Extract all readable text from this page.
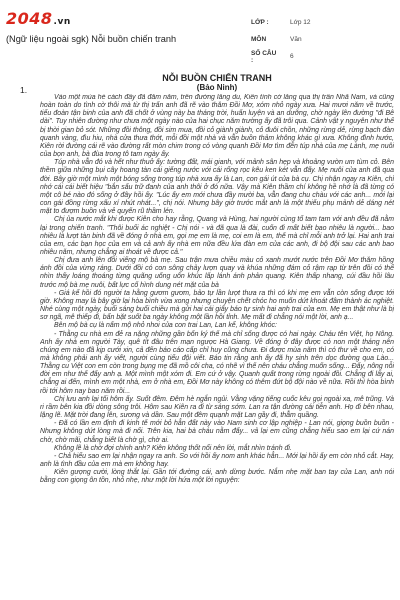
2048.vn
(Ngữ liệu ngoài sgk) Nỗi buồn chiến tranh
LỚP :	Lớp 12
MÔN	Văn
SỐ CÂU :	6
1.
NỖI BUỒN CHIẾN TRANH
(Bảo Ninh)

Vào một mùa hè cách đây đã đằm năm, trên đường lăng du, Kiên tình cờ lăng qua thị trấn Nhã Nam, và cũng hoàn toàn do tình cờ thôi mà từ thị trấn anh đã rẽ vào thăm Đồi Mơ, xóm nhỏ ngày xưa. Hai mươi năm về trước, tiểu đoàn tận binh của anh đã chốt ở vùng này ba tháng trời, huấn luyện và an dưỡng, chờ ngày lên đường "đi Bê dài". Tuy nhiên đường như chưa một ngày nào của hai chục năm trường ấy đã trôi qua. Cảnh vật y nguyên như thể bị thời gian bỏ sót. Những đồi thông, đồi sim mua, đồi cỏ giành giành, cỏ đuôi chồn, những rừng dẻ, rừng bạch đàn quanh vàng, đìu hiu, nhà cửa thưa thớt, mỗi đồi một nhà và vẫn buồn thảm không khác gì xưa. Không đình hước, Kiên rời đường cái rẽ vào đường rất mòn chim trong có vòng quanh Đồi Mơ tìm đến túp nhà của mẹ Lành, mẹ nuôi của bọn anh, bà đùa trong tô tam ngày ấy.

Túp nhà vẫn đó và hết như thuở ấy: tường đất, mái gianh, với mảnh sân hẹp và khoảng vườn um tùm cỏ. Bên thềm giữa những bụi cây hoang tàn cái giếng nước với cái rổng rọc kêu ken két vẫn đấy. Mẹ nuôi của anh đã qua đời. Bây giờ một mình một bóng sống trong túp nhà xưa ấy là Lan, con gái út của bà cụ. Chị nhận ngay ra Kiên, chỉ nhớ cái cái biết hiệu "bắn sấu trữ đanh của anh thôi ở đó nữa. Vậy mà Kiên thầm chí không hề nhớ là đã từng có một cô bé nào đó sống ở đây hồi ấy. "Lúc ấy em mới chưa đầy mười ba, vẫn đang chu chàu với các anh... mới lại con gái đồng rừng xấu xí nhút nhát...", chị nói. Nhưng bây giờ trước mắt anh là một thiếu phụ mảnh dẻ dáng nét mặt to đượm buồn và vẻ quyến rũ thầm lén.

Chị ủa nước mắt khi được Kiên cho hay rằng, Quang và Hùng, hai người cùng tổ tam tam với anh đều đã nằm lại trong chiến tranh. "Thôi buổi ác nghiệt - Chị nói - và đã qua là đài, cuốn đi mất biết bao nhiêu là người... bao nhiêu là lượt tàn binh đã về đóng ở nhà em, gọi mẹ em là mẹ, coi em là em, thế mà chỉ mỗi anh trở lại. Hai anh trai của em, các bạn học của em và cả anh ấy nhà em nữa đều lứa đàn em của các anh, đi bộ đội sau các anh bao nhiêu năm, nhưng chẳng ai thoát về được cả."

Chị đưa anh lên đồi viếng mộ bà mẹ. Sau trận mưa chiều màu cỏ xanh mướt nước trên Đồi Mơ thăm hồng ánh đồi của vừng ráng. Dưới đồi có con sông chảy lượn quay và khúa những đám cỏ rậm rạp từ trên đồi có thể nhìn thấy loáng thoáng từng quãng uống uốn khúc lấp lánh ánh phản quang. Kiên thấp nhang, cúi đầu hồi lâu trước mộ bà mẹ nuôi, bất lực cố hình dung nét mặt của bà

- Giá kể hồi đó người ta hằng gươm gươm, bảo tự lần lượt thưa ra thì có khi mẹ em vẫn còn sống được tới giờ. Không may là bây giờ lại hòa bình vừa xong nhưng chuyện chết chóc ho muốn dứt khoát đâm thành ác nghiệt. Nhé cùng một ngày, buổi sáng buổi chiều mà gửi hai cái giấy báo tự sinh hai anh trai của em. Mẹ em thật như là bị sơ ngã, mê thiếp đi, bẩn bặt suốt ba ngày không một lần hồi tỉnh. Mẹ mất đi chẳng nói một lời, anh ạ...

Bên mộ bà cụ là nấm mộ nhỏ nhoi của con trai Lan, Lan kể, không khóc:

- Thằng cu nhà em đẻ ra nặng những gần bốn ký thế mà chỉ sống được có hai ngày. Cháu tên Việt, họ Nông. Anh ấy nhà em người Tày, quê tít đâu trên mạn ngược Hà Giang. Về đóng ở đây được có non một tháng nên chúng em nào đã kịp cưới xin, cả đến báo cáo cấp chỉ huy cũng chưa. Đi được mùa năm thì có thư về cho em, có mà không phải anh ấy viết, người cùng tiểu đội viết. Báo tin rằng anh ấy đã hy sinh trên dọc đường qua Lào... Thằng cu Việt con em còn trong bụng mẹ đã mồ côi cha, có nhẽ vì thế nên cháu chẳng muốn sống... Đấy, nông nỗi đời em như thế đấy anh ạ. Một mình một xóm đi. Em cứ ở vậy. Quanh quất trong rừng ngoài đồi. Chẳng đi lấy ai, chẳng ai đến, mình em một nhà, em ở nhà em, Đồi Mơ này không có thêm đứt bộ đội nào về nữa. Rồi thì hòa bình rồi tới hôm nay bao năm rồi...

Chị lưu anh lại tối hôm ấy. Suốt đêm. Đêm hè ngắn ngủi. Vằng vặng tiếng cuốc kêu gọi ngoài xa, mê trũng. Và ri rầm bên kia đồi dòng sông trôi. Hôm sau Kiên ra đi từ sáng sớm. Lan ra tận đường cái tiễn anh. Họ đi bên nhau, lặng lẽ. Mặt trời đang lên, sương và dần. Sau một đêm quạnh mặt Lan gầy đi, thẫm quầng.

- Đã có lần em định đi kinh tế mới bỏ hẳn đất này vào Nam sinh cơ lập nghiệp - Lan nói, giọng buồn buồn - Nhưng không dứt lòng mà đi nổi. Trên kia, hai bà cháu nằm đấy... vả lại em cũng chẳng hiểu sao em lại cứ nán chờ, chờ mãi, chẳng biết là chờ gì, chờ ai.

Không lẽ là chờ đợi chính anh? Kiên không thốt nổi nên lời, mắt nhìn tránh đi.

- Chả hiểu sao em lại nhận ngay ra anh. So với hồi ấy nom anh khác hẳn... Mới lại hồi ấy em còn nhỏ cắt. Hay, anh là tình đầu của em mà em không hay.

Kiên gượng cười, lòng thắt lại. Gần tới đường cái, anh dừng bước. Nắm nhẹ mặt ban tay của Lan, anh nói bằng con giọng ôn tồn, nhỏ nhẹ, như một lời hứa một lời nguyện:
